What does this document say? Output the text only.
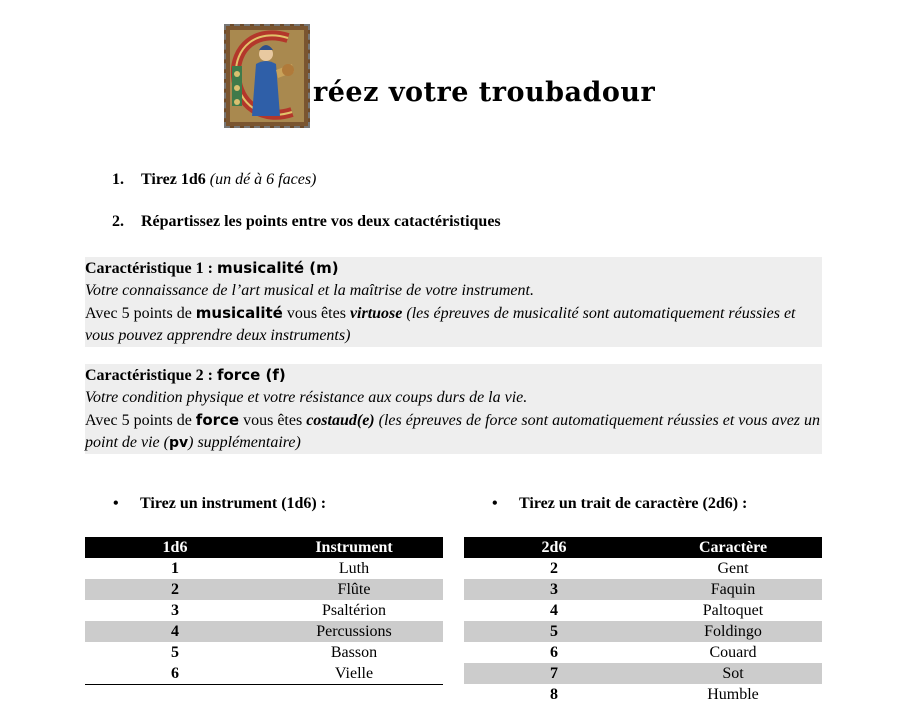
réez votre troubadour
1.	Tirez 1d6
(un dé à 6 faces)
2.	Répartissez les points entre vos deux catactéristiques
Caractéristique 1 : musicalité (m)
Votre connaissance de l’art musical et la maîtrise de votre instrument.
Avec 5 points de musicalité vous êtes virtuose (les épreuves de musicalité sont automatiquement réussies et vous pouvez apprendre deux instruments)
Caractéristique 2 : force (f)
Votre condition physique et votre résistance aux coups durs de la vie.
Avec 5 points de force vous êtes costaud(e) (les épreuves de force sont automatiquement réussies et vous avez un point de vie (pv) supplémentaire)
•	Tirez un instrument (1d6) :	•	Tirez un trait de caractère (2d6) :
1d6	Instrument
1	Luth
2	Flûte
3	Psaltérion
4	Percussions
5	Basson
6	Vielle
2d6	Caractère
2	Gent
3	Faquin
4	Paltoquet
5	Foldingo
6	Couard
7	Sot
8	Humble
